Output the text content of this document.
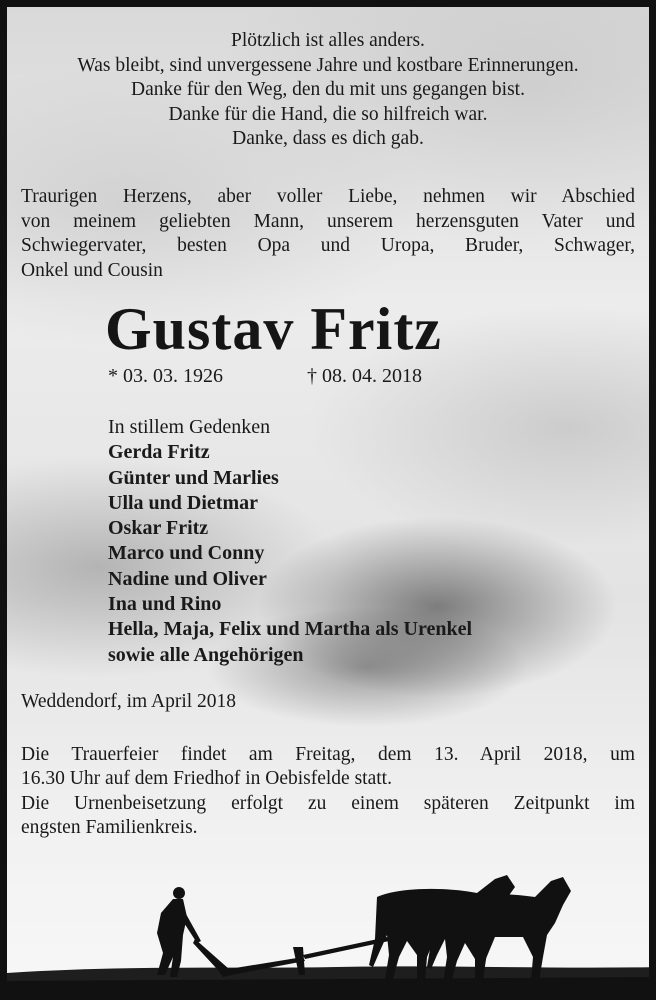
Plötzlich ist alles anders.
Was bleibt, sind unvergessene Jahre und kostbare Erinnerungen.
Danke für den Weg, den du mit uns gegangen bist.
Danke für die Hand, die so hilfreich war.
Danke, dass es dich gab.
Traurigen Herzens, aber voller Liebe, nehmen wir Abschied
von meinem geliebten Mann, unserem herzensguten Vater und
Schwiegervater, besten Opa und Uropa, Bruder, Schwager,
Onkel und Cousin
Gustav Fritz
* 03. 03. 1926	† 08. 04. 2018
In stillem Gedenken
Gerda Fritz
Günter und Marlies
Ulla und Dietmar
Oskar Fritz
Marco und Conny
Nadine und Oliver
Ina und Rino
Hella, Maja, Felix und Martha als Urenkel
sowie alle Angehörigen
Weddendorf, im April 2018
Die Trauerfeier findet am Freitag, dem 13. April 2018, um
16.30 Uhr auf dem Friedhof in Oebisfelde statt.
Die Urnenbeisetzung erfolgt zu einem späteren Zeitpunkt im
engsten Familienkreis.
